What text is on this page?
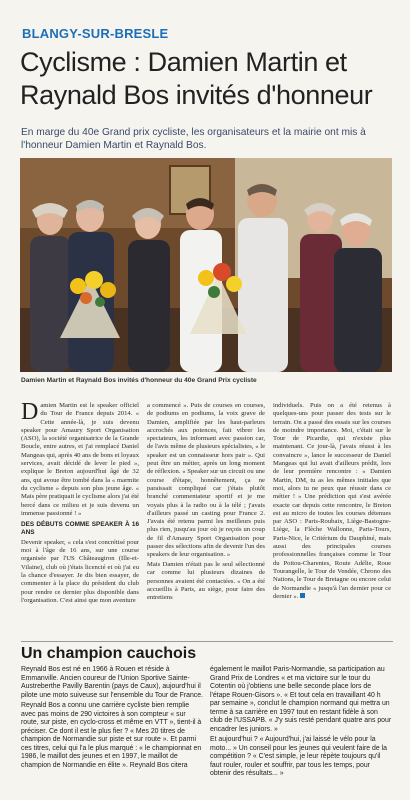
BLANGY-SUR-BRESLE
Cyclisme : Damien Martin et Raynald Bos invités d'honneur

En marge du 40e Grand prix cycliste, les organisateurs et la mairie ont mis à l'honneur Damien Martin et Raynald Bos.

Damien Martin et Raynald Bos invités d'honneur du 40e Grand Prix cycliste

Damien Martin est le speaker officiel du Tour de France depuis 2014. « Cette année-là, je suis devenu speaker pour Amaury Sport Organisation (ASO), la société organisatrice de la Grande Boucle, entre autres, et j'ai remplacé Daniel Mangeas qui, après 40 ans de bons et loyaux services, avait décidé de lever le pied », explique le Breton aujourd'hui âgé de 32 ans, qui avoue être tombé dans la « marmite du cyclisme » depuis son plus jeune âge. « Mais père pratiquait le cyclisme alors j'ai été bercé dans ce milieu et je suis devenu un immense passionné ! »

DES DÉBUTS COMME SPEAKER À 16 ANS

Devenir speaker, « cela s'est concrétisé pour moi à l'âge de 16 ans, sur une course organisée par l'US Châteaugiron (Ille-et-Vilaine), club où j'étais licencié et où j'ai eu la chance d'essayer. Je dis bien essayer, de commenter à la place du président du club pour rendre ce dernier plus disponible dans l'organisation. C'est ainsi que mon aventure

a commencé ». Puis de courses en courses, de podiums en podiums, la voix grave de Damien, amplifiée par les haut-parleurs accrochés aux potences, fait vibrer les spectateurs, les informant avec passion car, de l'avis même de plusieurs spécialistes, « le speaker est un connaisseur hors pair ». Qui peut être un métier, après un long moment de réflexion. « Speaker sur un circuit ou une course d'étape, honnêtement, ça ne paraissait compliqué car j'étais plutôt branché commentateur sportif et je me voyais plus à la radio ou à la télé ; j'avais d'ailleurs passé un casting pour France 2. J'avais été retenu parmi les meilleurs puis plus rien, jusqu'au jour où je reçois un coup de fil d'Amaury Sport Organisation pour passer des sélections afin de devenir l'un des speakers de leur organisation. »

Mais Damien n'était pas le seul sélectionné car comme lui plusieurs dizaines de personnes avaient été contactées. « On a été accueillis à Paris, au siège, pour faire des entretiens

individuels. Puis on a été retenus à quelques-uns pour passer des tests sur le terrain. On a passé des essais sur les courses de moindre importance. Moi, c'était sur le Tour de Picardie, qui n'existe plus maintenant. Ce jour-là, j'avais réussi à les convaincre », lance le successeur de Daniel Mangeas qui lui avait d'ailleurs prédit, lors de leur première rencontre : « Damien Martin, DM, tu as les mêmes initiales que moi, alors tu ne peux que réussir dans ce métier ! » Une prédiction qui s'est avérée exacte car depuis cette rencontre, le Breton est au micro de toutes les courses détenues par ASO : Paris-Roubaix, Liège-Bastogne-Liège, la Flèche Wallonne, Paris-Tours, Paris-Nice, le Critérium du Dauphiné, mais aussi des principales courses professionnelles françaises comme le Tour du Poitou-Charentes, Route Adélie, Roue Tourangelle, le Tour de Vendée, Chrono des Nations, le Tour de Bretagne ou encore celui de Normandie « jusqu'à l'an dernier pour ce dernier ».

Un champion cauchois

Reynald Bos est né en 1966 à Rouen et réside à Emmanville. Ancien coureur de l'Union Sportive Sainte-Austreberthe Pavilly Barentin (pays de Caux), aujourd'hui il pilote une moto suiveuse sur l'ensemble du Tour de France.

Reynald Bos a connu une carrière cycliste bien remplie avec pas moins de 290 victoires à son compteur « sur route, sur piste, en cyclo-cross et même en VTT », tient-il à préciser. Ce dont il est le plus fier ? « Mes 20 titres de champion de Normandie sur piste et sur route ». Et parmi ces titres, celui qui l'a le plus marqué : « le championnat en 1986, le maillot des jeunes et en 1997, le maillot de champion de Normandie en élite ». Reynald Bos citera

également le maillot Paris-Normandie, sa participation au Grand Prix de Londres « et ma victoire sur le tour du Cotentin où j'obtiens une belle seconde place lors de l'étape Rouen-Gisors ». « Et tout cela en travaillant 40 h par semaine », conclut le champion normand qui mettra un terme à sa carrière en 1997 tout en restant fidèle à son club de l'USSAPB. « J'y suis resté pendant quatre ans pour encadrer les juniors. »

Et aujourd'hui ? « Aujourd'hui, j'ai laissé le vélo pour la moto... » Un conseil pour les jeunes qui veulent faire de la compétition ? « C'est simple, je leur répète toujours qu'il faut rouler, rouler et souffrir, par tous les temps, pour obtenir des résultats... »
